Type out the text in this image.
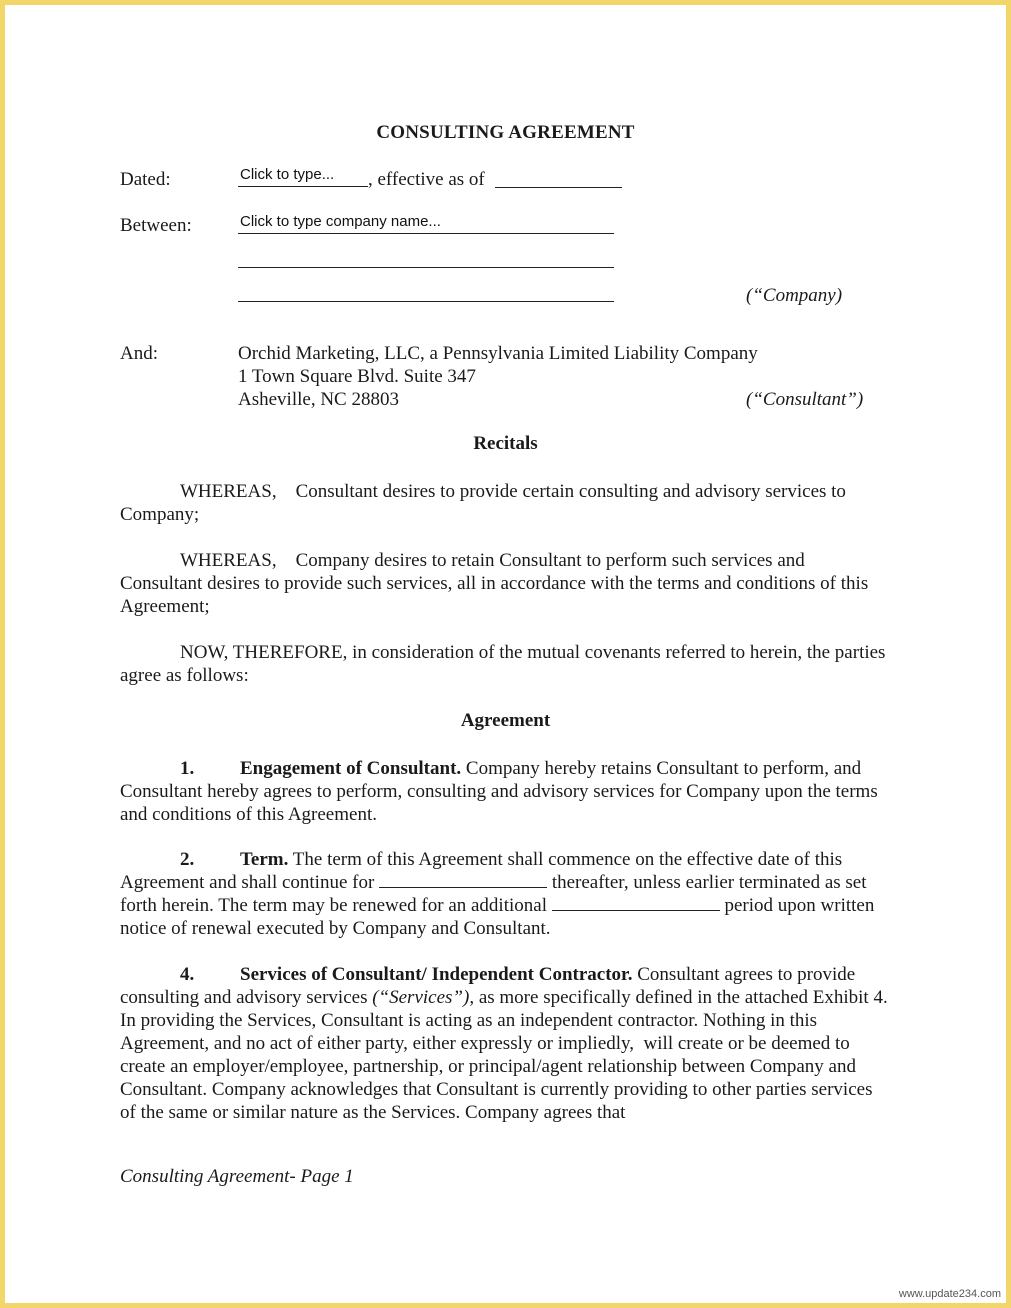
CONSULTING AGREEMENT
Dated:	Click to type...	, effective as of
Between:	Click to type company name...
(“Company)
And:	Orchid Marketing, LLC, a Pennsylvania Limited Liability Company
1 Town Square Blvd. Suite 347
Asheville, NC 28803	(“Consultant”)
Recitals
WHEREAS,    Consultant desires to provide certain consulting and advisory services to Company;
WHEREAS,    Company desires to retain Consultant to perform such services and Consultant desires to provide such services, all in accordance with the terms and conditions of this Agreement;
NOW, THEREFORE, in consideration of the mutual covenants referred to herein, the parties agree as follows:
Agreement
1. Engagement of Consultant. Company hereby retains Consultant to perform, and Consultant hereby agrees to perform, consulting and advisory services for Company upon the terms and conditions of this Agreement.
2. Term. The term of this Agreement shall commence on the effective date of this Agreement and shall continue for	thereafter, unless earlier terminated as set forth herein. The term may be renewed for an additional	period upon written notice of renewal executed by Company and Consultant.
4. Services of Consultant/ Independent Contractor. Consultant agrees to provide consulting and advisory services (“Services”), as more specifically defined in the attached Exhibit 4. In providing the Services, Consultant is acting as an independent contractor. Nothing in this Agreement, and no act of either party, either expressly or impliedly,  will create or be deemed to create an employer/employee, partnership, or principal/agent relationship between Company and Consultant. Company acknowledges that Consultant is currently providing to other parties services of the same or similar nature as the Services. Company agrees that
Consulting Agreement- Page 1
www.update234.com
